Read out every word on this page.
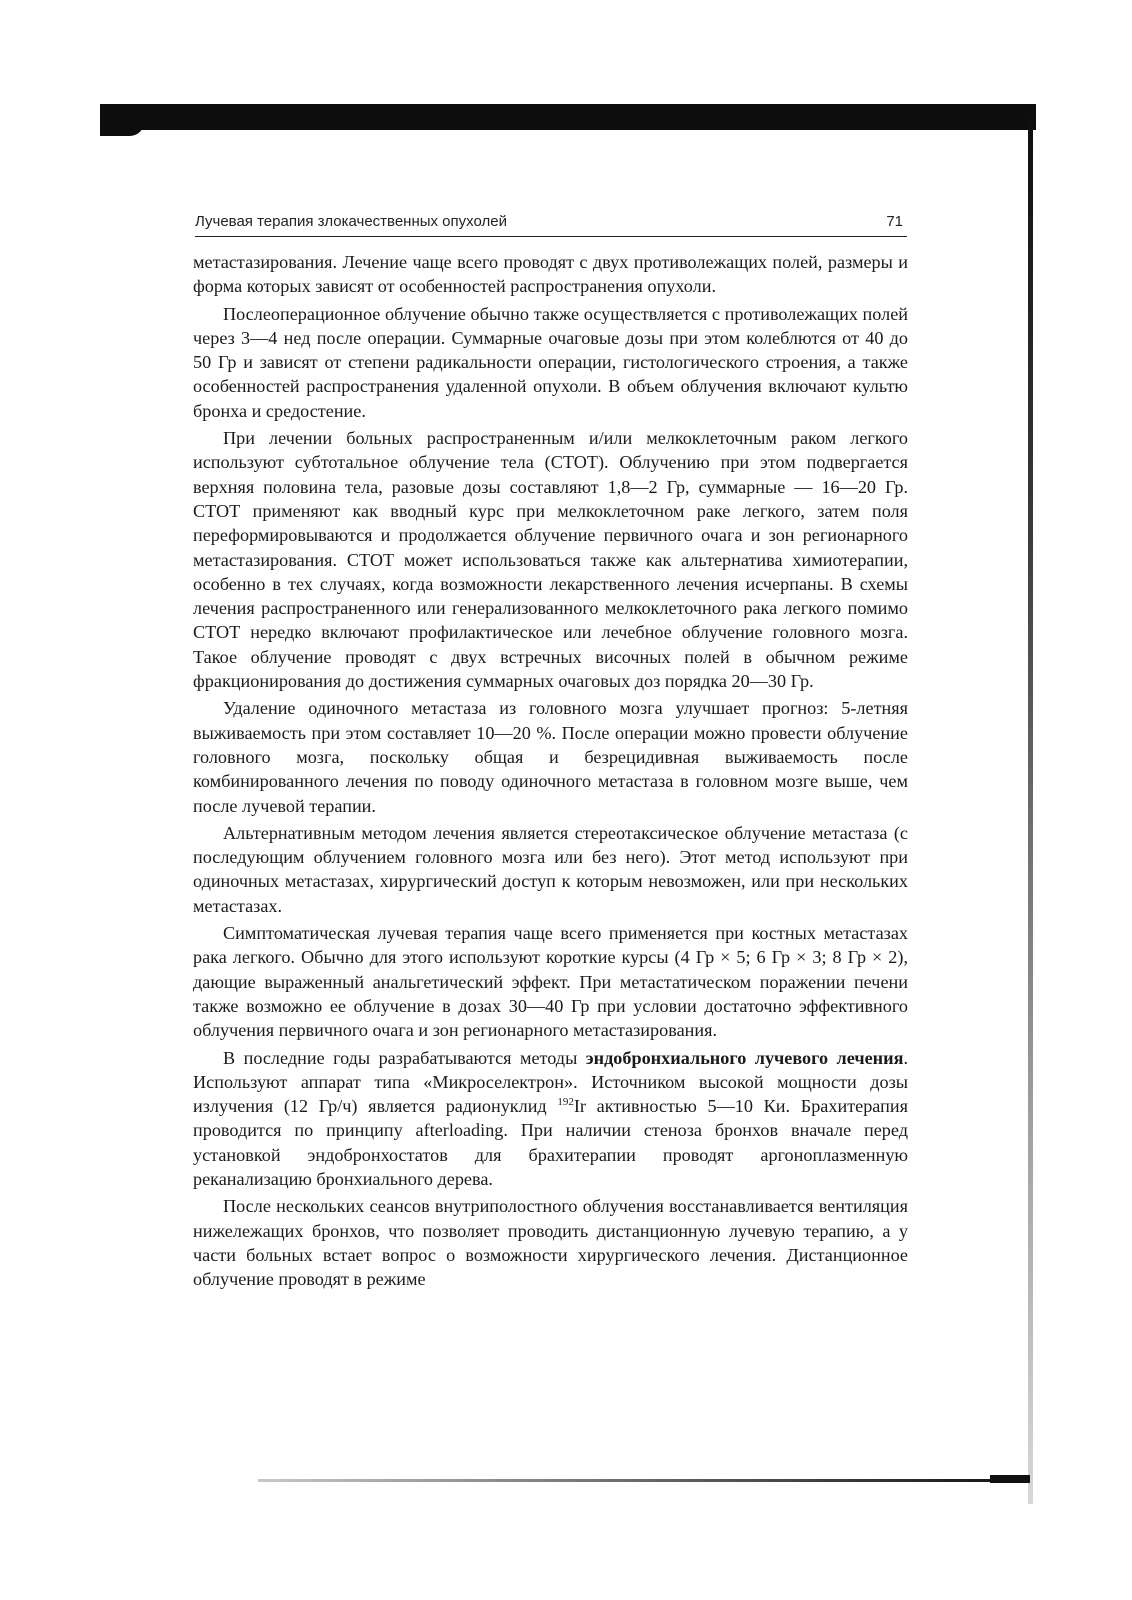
Лучевая терапия злокачественных опухолей	71

метастазирования. Лечение чаще всего проводят с двух противолежащих полей, размеры и форма которых зависят от особенностей распространения опухоли.

Послеоперационное облучение обычно также осуществляется с противолежащих полей через 3—4 нед после операции. Суммарные очаговые дозы при этом колеблются от 40 до 50 Гр и зависят от степени радикальности операции, гистологического строения, а также особенностей распространения удаленной опухоли. В объем облучения включают культю бронха и средостение.

При лечении больных распространенным и/или мелкоклеточным раком легкого используют субтотальное облучение тела (СТОТ). Облучению при этом подвергается верхняя половина тела, разовые дозы составляют 1,8—2 Гр, суммарные — 16—20 Гр. СТОТ применяют как вводный курс при мелкоклеточном раке легкого, затем поля переформировываются и продолжается облучение первичного очага и зон регионарного метастазирования. СТОТ может использоваться также как альтернатива химиотерапии, особенно в тех случаях, когда возможности лекарственного лечения исчерпаны. В схемы лечения распространенного или генерализованного мелкоклеточного рака легкого помимо СТОТ нередко включают профилактическое или лечебное облучение головного мозга. Такое облучение проводят с двух встречных височных полей в обычном режиме фракционирования до достижения суммарных очаговых доз порядка 20—30 Гр.

Удаление одиночного метастаза из головного мозга улучшает прогноз: 5-летняя выживаемость при этом составляет 10—20 %. После операции можно провести облучение головного мозга, поскольку общая и безрецидивная выживаемость после комбинированного лечения по поводу одиночного метастаза в головном мозге выше, чем после лучевой терапии.

Альтернативным методом лечения является стереотаксическое облучение метастаза (с последующим облучением головного мозга или без него). Этот метод используют при одиночных метастазах, хирургический доступ к которым невозможен, или при нескольких метастазах.

Симптоматическая лучевая терапия чаще всего применяется при костных метастазах рака легкого. Обычно для этого используют короткие курсы (4 Гр × 5; 6 Гр × 3; 8 Гр × 2), дающие выраженный анальгетический эффект. При метастатическом поражении печени также возможно ее облучение в дозах 30—40 Гр при условии достаточно эффективного облучения первичного очага и зон регионарного метастазирования.

В последние годы разрабатываются методы эндобронхиального лучевого лечения. Используют аппарат типа «Микроселектрон». Источником высокой мощности дозы излучения (12 Гр/ч) является радионуклид $^{192}$Ir активностью 5—10 Ки. Брахитерапия проводится по принципу afterloading. При наличии стеноза бронхов вначале перед установкой эндобронхостатов для брахитерапии проводят аргоноплазменную реканализацию бронхиального дерева.

После нескольких сеансов внутриполостного облучения восстанавливается вентиляция нижележащих бронхов, что позволяет проводить дистанционную лучевую терапию, а у части больных встает вопрос о возможности хирургического лечения. Дистанционное облучение проводят в режиме
